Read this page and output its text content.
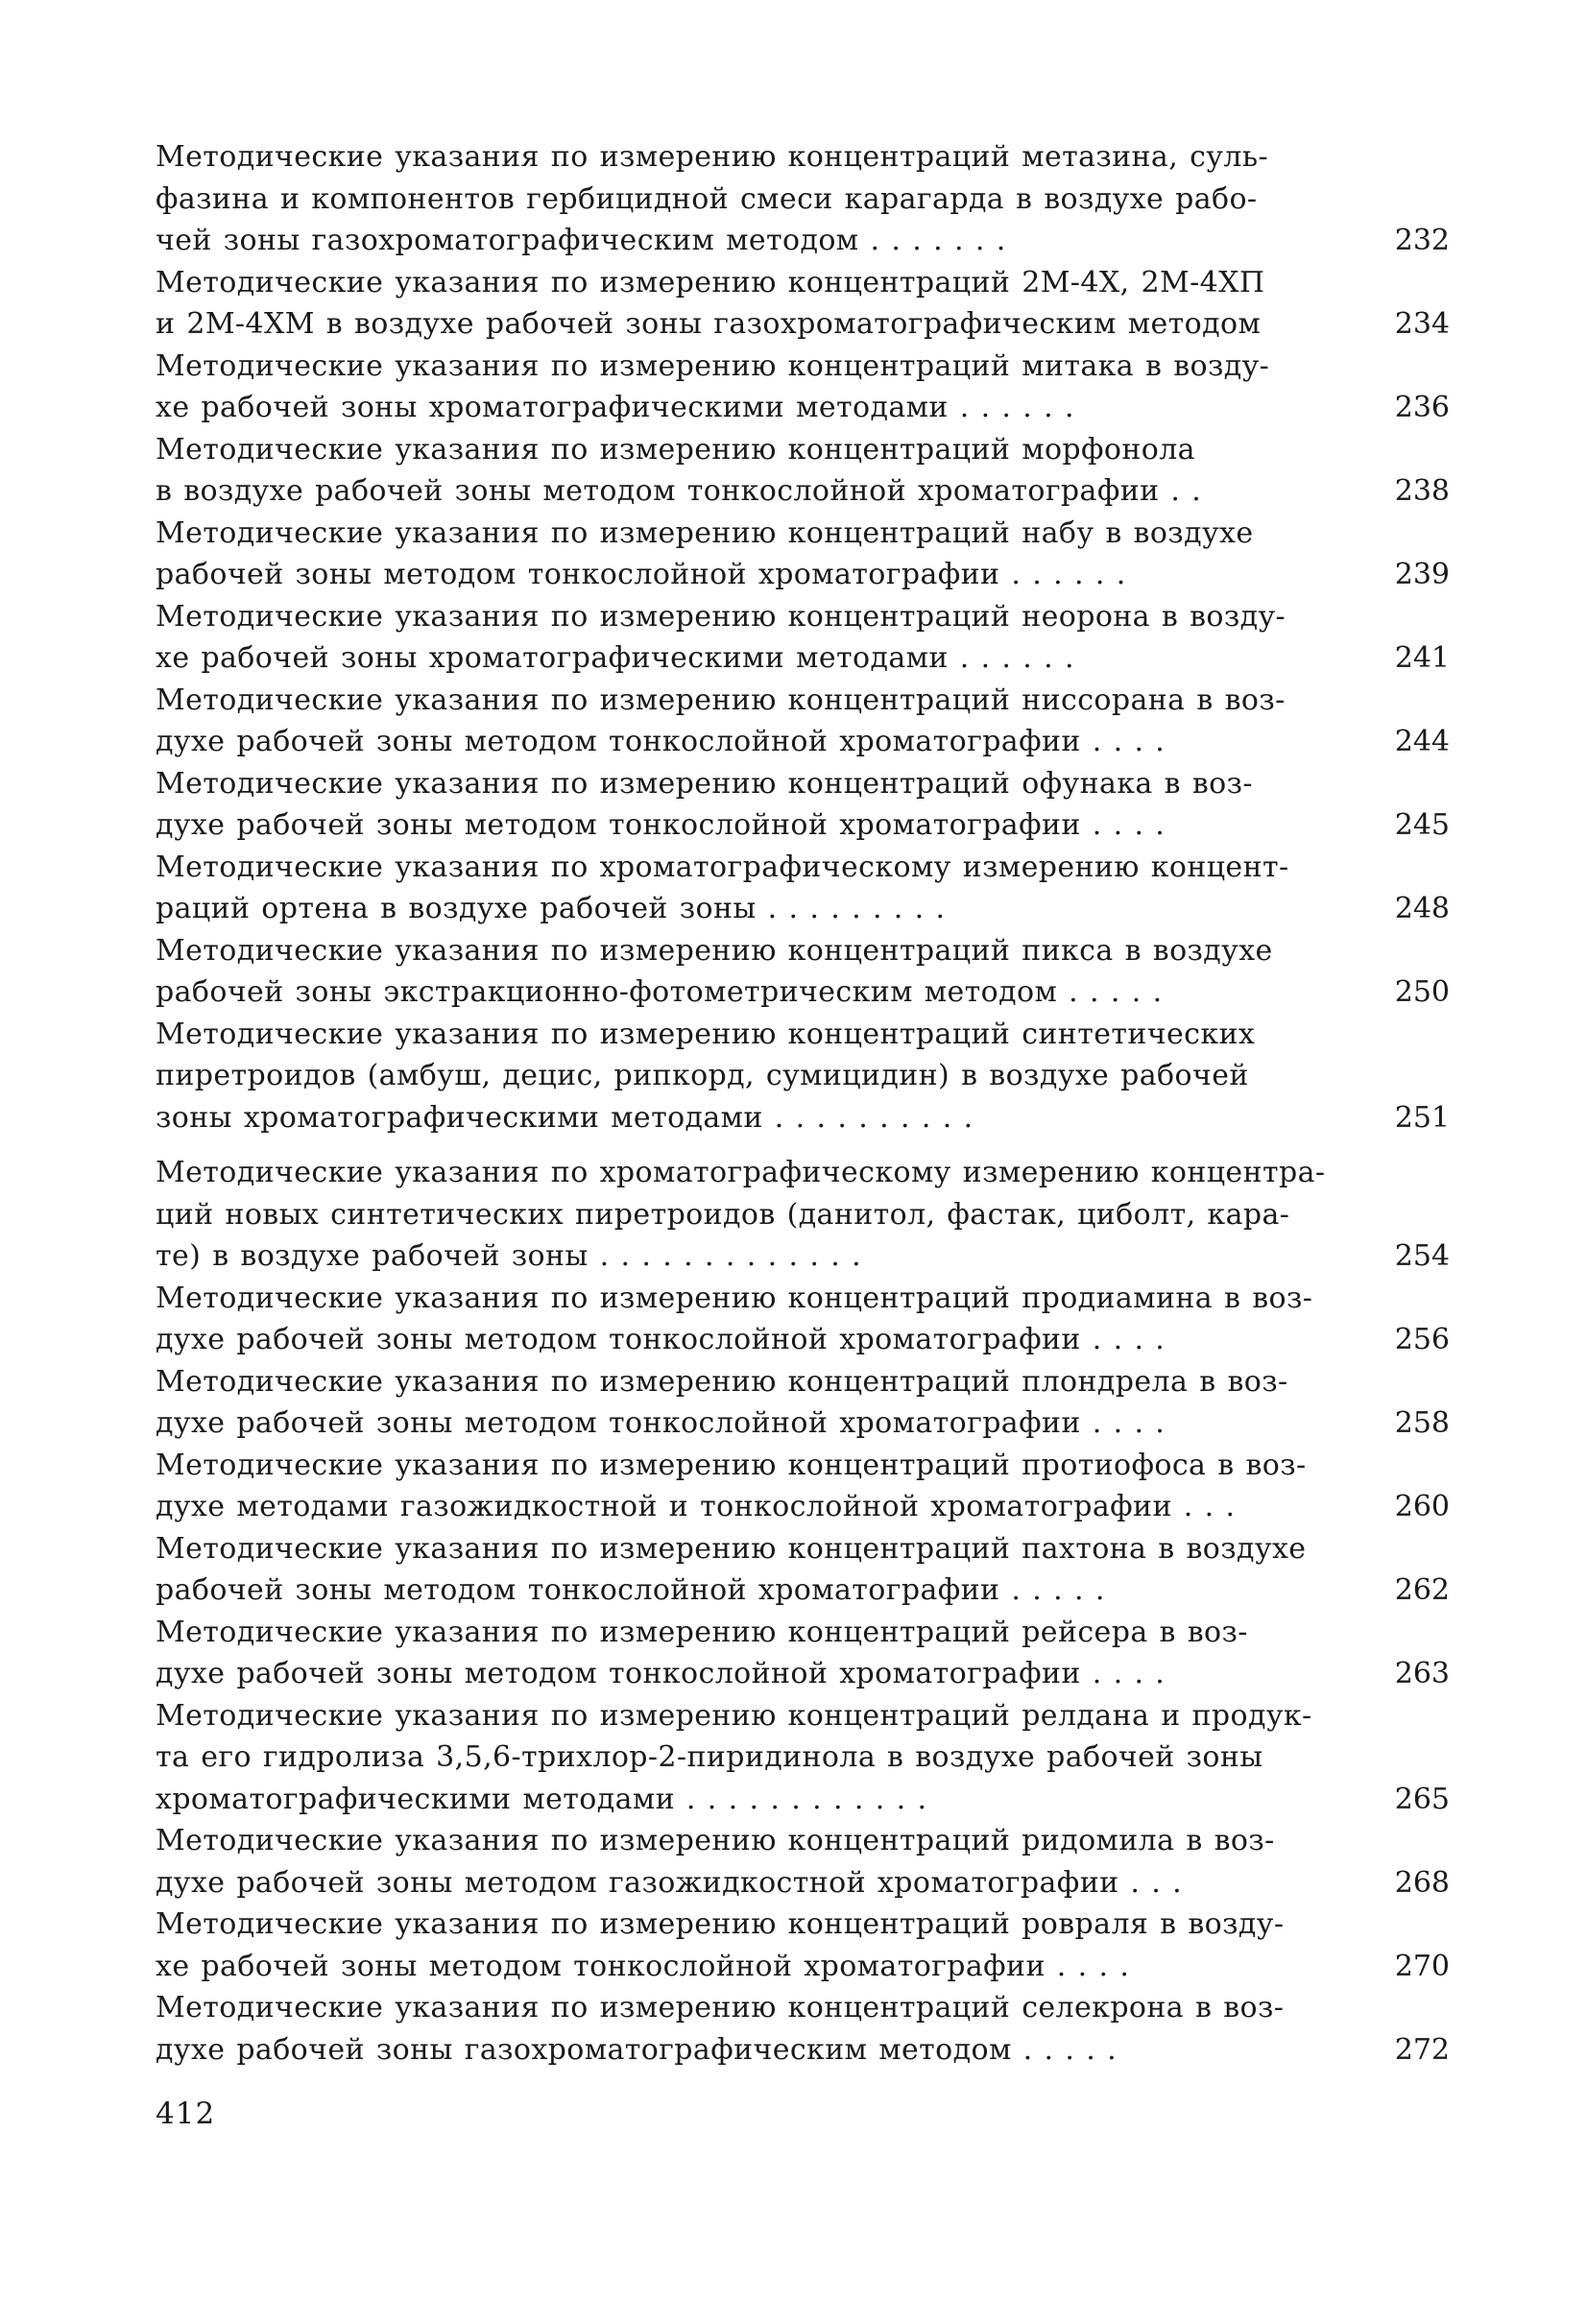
Методические указания по измерению концентраций метазина, суль-
фазина и компонентов гербицидной смеси карагарда в воздухе рабо-
чей зоны газохроматографическим методом . . . . . . .	232
Методические указания по измерению концентраций 2М-4Х, 2М-4ХП
и 2М-4ХМ в воздухе рабочей зоны газохроматографическим методом	234
Методические указания по измерению концентраций митака в возду-
хе рабочей зоны хроматографическими методами . . . . . .	236
Методические указания по измерению концентраций морфонола
в воздухе рабочей зоны методом тонкослойной хроматографии . .	238
Методические указания по измерению концентраций набу в воздухе
рабочей зоны методом тонкослойной хроматографии . . . . . .	239
Методические указания по измерению концентраций неорона в возду-
хе рабочей зоны хроматографическими методами . . . . . .	241
Методические указания по измерению концентраций ниссорана в воз-
духе рабочей зоны методом тонкослойной хроматографии . . . .	244
Методические указания по измерению концентраций офунака в воз-
духе рабочей зоны методом тонкослойной хроматографии . . . .	245
Методические указания по хроматографическому измерению концент-
раций ортена в воздухе рабочей зоны . . . . . . . . .	248
Методические указания по измерению концентраций пикса в воздухе
рабочей зоны экстракционно-фотометрическим методом . . . . .	250
Методические указания по измерению концентраций синтетических
пиретроидов (амбуш, децис, рипкорд, сумицидин) в воздухе рабочей
зоны хроматографическими методами . . . . . . . . . .	251
Методические указания по хроматографическому измерению концентра-
ций новых синтетических пиретроидов (данитол, фастак, циболт, кара-
те) в воздухе рабочей зоны . . . . . . . . . . . . .	254
Методические указания по измерению концентраций продиамина в воз-
духе рабочей зоны методом тонкослойной хроматографии . . . .	256
Методические указания по измерению концентраций плондрела в воз-
духе рабочей зоны методом тонкослойной хроматографии . . . .	258
Методические указания по измерению концентраций протиофоса в воз-
духе методами газожидкостной и тонкослойной хроматографии . . .	260
Методические указания по измерению концентраций пахтона в воздухе
рабочей зоны методом тонкослойной хроматографии . . . . .	262
Методические указания по измерению концентраций рейсера в воз-
духе рабочей зоны методом тонкослойной хроматографии . . . .	263
Методические указания по измерению концентраций релдана и продук-
та его гидролиза 3,5,6-трихлор-2-пиридинола в воздухе рабочей зоны
хроматографическими методами . . . . . . . . . . . .	265
Методические указания по измерению концентраций ридомила в воз-
духе рабочей зоны методом газожидкостной хроматографии . . .	268
Методические указания по измерению концентраций ровраля в возду-
хе рабочей зоны методом тонкослойной хроматографии . . . .	270
Методические указания по измерению концентраций селекрона в воз-
духе рабочей зоны газохроматографическим методом . . . . .	272
412
